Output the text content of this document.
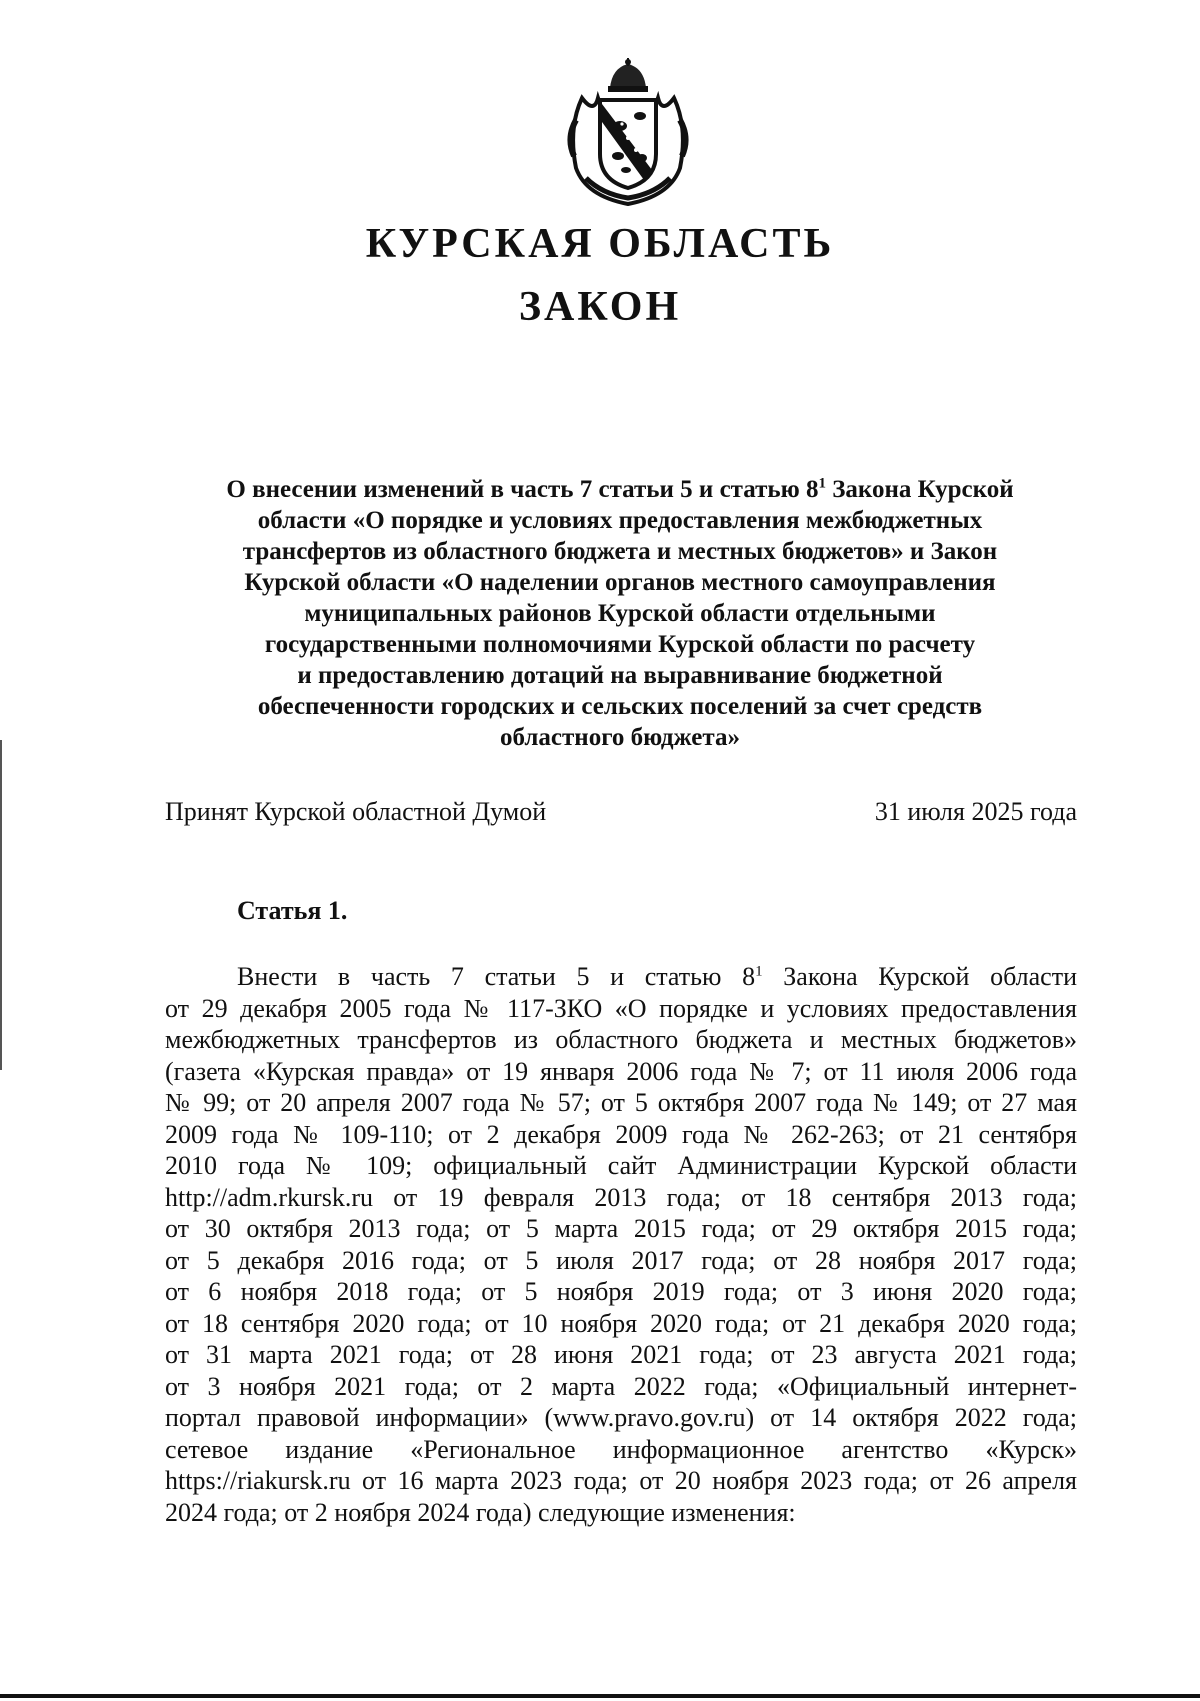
КУРСКАЯ ОБЛАСТЬ
ЗАКОН
О внесении изменений в часть 7 статьи 5 и статью $8^1$ Закона Курской
области «О порядке и условиях предоставления межбюджетных
трансфертов из областного бюджета и местных бюджетов» и Закон
Курской области «О наделении органов местного самоуправления
муниципальных районов Курской области отдельными
государственными полномочиями Курской области по расчету
и предоставлению дотаций на выравнивание бюджетной
обеспеченности городских и сельских поселений за счет средств
областного бюджета»
Принят Курской областной Думой	31 июля 2025 года
Статья 1.
Внести в часть 7 статьи 5 и статью $8^1$ Закона Курской области
от 29 декабря 2005 года № 117-ЗКО «О порядке и условиях предоставления
межбюджетных трансфертов из областного бюджета и местных бюджетов»
(газета «Курская правда» от 19 января 2006 года № 7; от 11 июля 2006 года
№ 99; от 20 апреля 2007 года № 57; от 5 октября 2007 года № 149; от 27 мая
2009 года № 109-110; от 2 декабря 2009 года № 262-263; от 21 сентября
2010 года № 109; официальный сайт Администрации Курской области
http://adm.rkursk.ru от 19 февраля 2013 года; от 18 сентября 2013 года;
от 30 октября 2013 года; от 5 марта 2015 года; от 29 октября 2015 года;
от 5 декабря 2016 года; от 5 июля 2017 года; от 28 ноября 2017 года;
от 6 ноября 2018 года; от 5 ноября 2019 года; от 3 июня 2020 года;
от 18 сентября 2020 года; от 10 ноября 2020 года; от 21 декабря 2020 года;
от 31 марта 2021 года; от 28 июня 2021 года; от 23 августа 2021 года;
от 3 ноября 2021 года; от 2 марта 2022 года; «Официальный интернет-
портал правовой информации» (www.pravo.gov.ru) от 14 октября 2022 года;
сетевое издание «Региональное информационное агентство «Курск»
https://riakursk.ru от 16 марта 2023 года; от 20 ноября 2023 года; от 26 апреля
2024 года; от 2 ноября 2024 года) следующие изменения:
